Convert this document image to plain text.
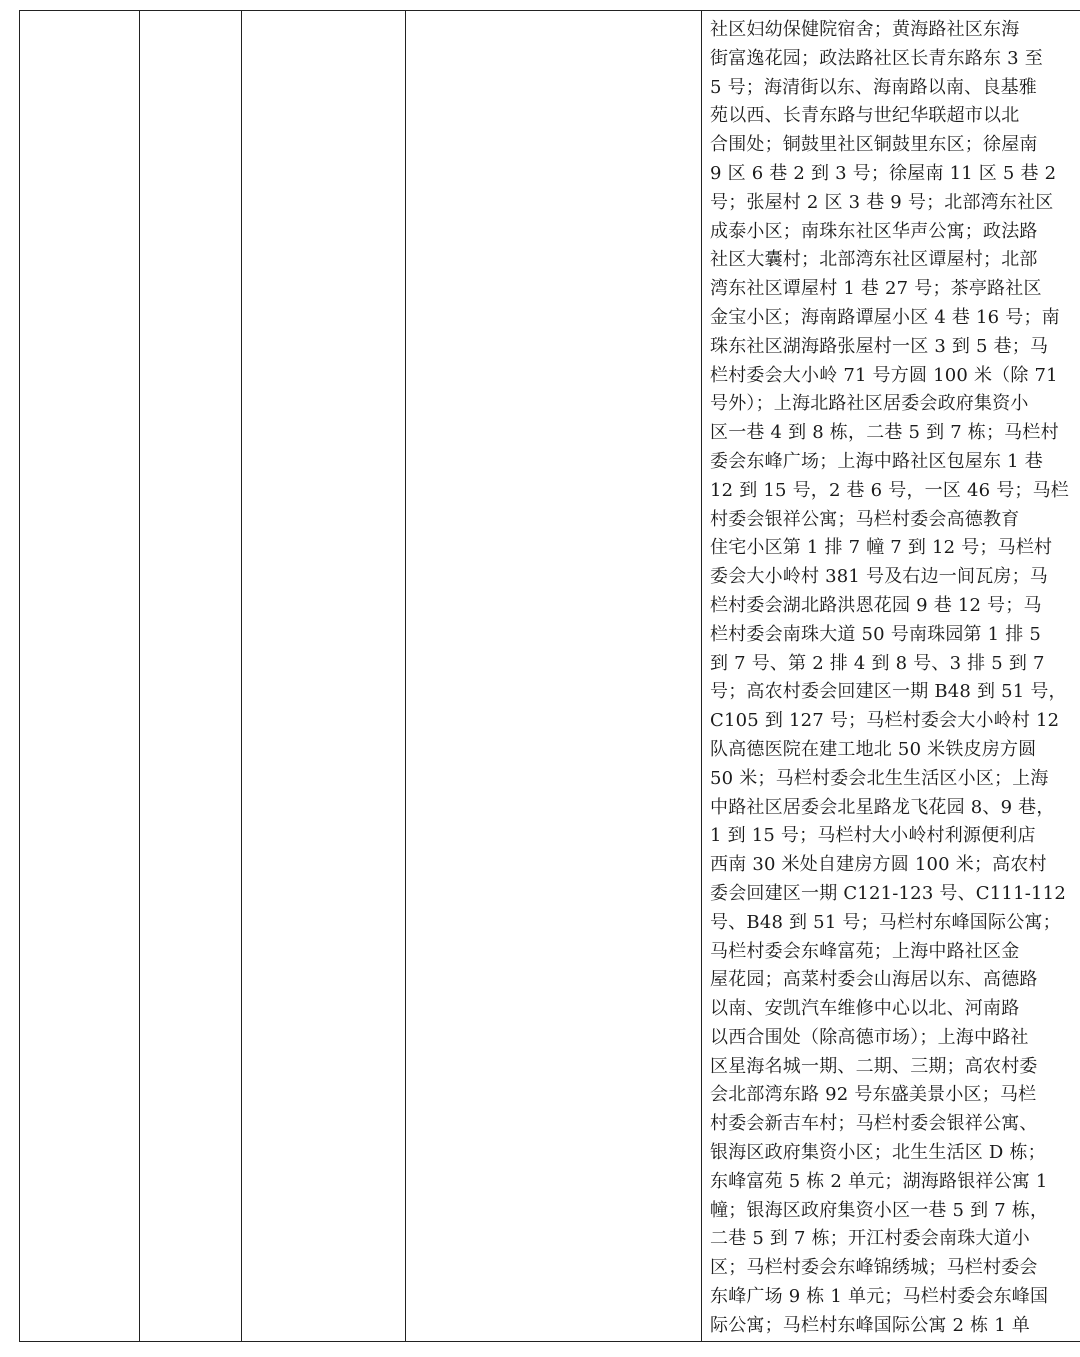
社区妇幼保健院宿舍；黄海路社区东海
街富逸花园；政法路社区长青东路东 3 至
5 号；海清街以东、海南路以南、良基雅
苑以西、长青东路与世纪华联超市以北
合围处；铜鼓里社区铜鼓里东区；徐屋南
9 区 6 巷 2 到 3 号；徐屋南 11 区 5 巷 2
号；张屋村 2 区 3 巷 9 号；北部湾东社区
成泰小区；南珠东社区华声公寓；政法路
社区大囊村；北部湾东社区谭屋村；北部
湾东社区谭屋村 1 巷 27 号；茶亭路社区
金宝小区；海南路谭屋小区 4 巷 16 号；南
珠东社区湖海路张屋村一区 3 到 5 巷；马
栏村委会大小岭 71 号方圆 100 米（除 71
号外）；上海北路社区居委会政府集资小
区一巷 4 到 8 栋，二巷 5 到 7 栋；马栏村
委会东峰广场；上海中路社区包屋东 1 巷
12 到 15 号，2 巷 6 号，一区 46 号；马栏
村委会银祥公寓；马栏村委会高德教育
住宅小区第 1 排 7 幢 7 到 12 号；马栏村
委会大小岭村 381 号及右边一间瓦房；马
栏村委会湖北路洪恩花园 9 巷 12 号；马
栏村委会南珠大道 50 号南珠园第 1 排 5
到 7 号、第 2 排 4 到 8 号、3 排 5 到 7
号；高农村委会回建区一期 B48 到 51 号，
C105 到 127 号；马栏村委会大小岭村 12
队高德医院在建工地北 50 米铁皮房方圆
50 米；马栏村委会北生生活区小区；上海
中路社区居委会北星路龙飞花园 8、9 巷，
1 到 15 号；马栏村大小岭村利源便利店
西南 30 米处自建房方圆 100 米；高农村
委会回建区一期 C121-123 号、C111-112
号、B48 到 51 号；马栏村东峰国际公寓；
马栏村委会东峰富苑；上海中路社区金
屋花园；高菜村委会山海居以东、高德路
以南、安凯汽车维修中心以北、河南路
以西合围处（除高德市场）；上海中路社
区星海名城一期、二期、三期；高农村委
会北部湾东路 92 号东盛美景小区；马栏
村委会新吉车村；马栏村委会银祥公寓、
银海区政府集资小区；北生生活区 D 栋；
东峰富苑 5 栋 2 单元；湖海路银祥公寓 1
幢；银海区政府集资小区一巷 5 到 7 栋，
二巷 5 到 7 栋；开江村委会南珠大道小
区；马栏村委会东峰锦绣城；马栏村委会
东峰广场 9 栋 1 单元；马栏村委会东峰国
际公寓；马栏村东峰国际公寓 2 栋 1 单
